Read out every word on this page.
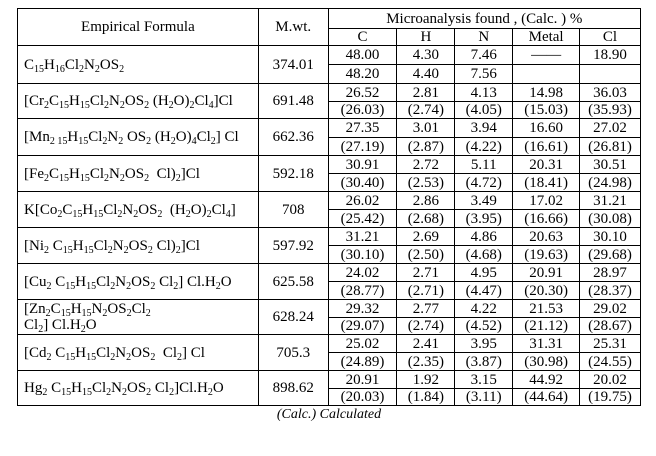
Empirical Formula	M.wt.	Microanalysis found , (Calc. ) %				
		C	H	N	Metal	Cl
$C_{15}H_{16}Cl_2N_2OS_2$	374.01	48.00	4.30	7.46	——	18.90
		48.20	4.40	7.56		
[$Cr_2C_{15}H_{15}Cl_2N_2OS_2$ $(H_2O)_2Cl_4]Cl$	691.48	26.52	2.81	4.13	14.98	36.03
		(26.03)	(2.74)	(4.05)	(15.03)	(35.93)
[$Mn_{2 15}H_{15}Cl_2N_2$ $OS_2$ $(H_2O)_4Cl_2$] Cl	662.36	27.35	3.01	3.94	16.60	27.02
		(27.19)	(2.87)	(4.22)	(16.61)	(26.81)
[$Fe_2C_{15}H_{15}Cl_2N_2OS_2$  $Cl)_2]Cl$	592.18	30.91	2.72	5.11	20.31	30.51
		(30.40)	(2.53)	(4.72)	(18.41)	(24.98)
$K[Co_2C_{15}H_{15}Cl_2N_2OS_2$  $(H_2O)_2Cl_4$]	708	26.02	2.86	3.49	17.02	31.21
		(25.42)	(2.68)	(3.95)	(16.66)	(30.08)
[$Ni_2$ $C_{15}H_{15}Cl_2N_2OS_2$ $Cl)_2]Cl$	597.92	31.21	2.69	4.86	20.63	30.10
		(30.10)	(2.50)	(4.68)	(19.63)	(29.68)
[$Cu_2$ $C_{15}H_{15}Cl_2N_2OS_2$ $Cl_2$] $Cl.H_2O$	625.58	24.02	2.71	4.95	20.91	28.97
		(28.77)	(2.71)	(4.47)	(20.30)	(28.37)
[$Zn_2C_{15}H_{15}N_2OS_2Cl_2$
$Cl_2$] $Cl.H_2O$	628.24	29.32	2.77	4.22	21.53	29.02
		(29.07)	(2.74)	(4.52)	(21.12)	(28.67)
[$Cd_2$ $C_{15}H_{15}Cl_2N_2OS_2$  $Cl_2$] Cl	705.3	25.02	2.41	3.95	31.31	25.31
		(24.89)	(2.35)	(3.87)	(30.98)	(24.55)
$Hg_2$ $C_{15}H_{15}Cl_2N_2OS_2$ $Cl_2]Cl.H_2O$	898.62	20.91	1.92	3.15	44.92	20.02
		(20.03)	(1.84)	(3.11)	(44.64)	(19.75)
(Calc.) Calculated
